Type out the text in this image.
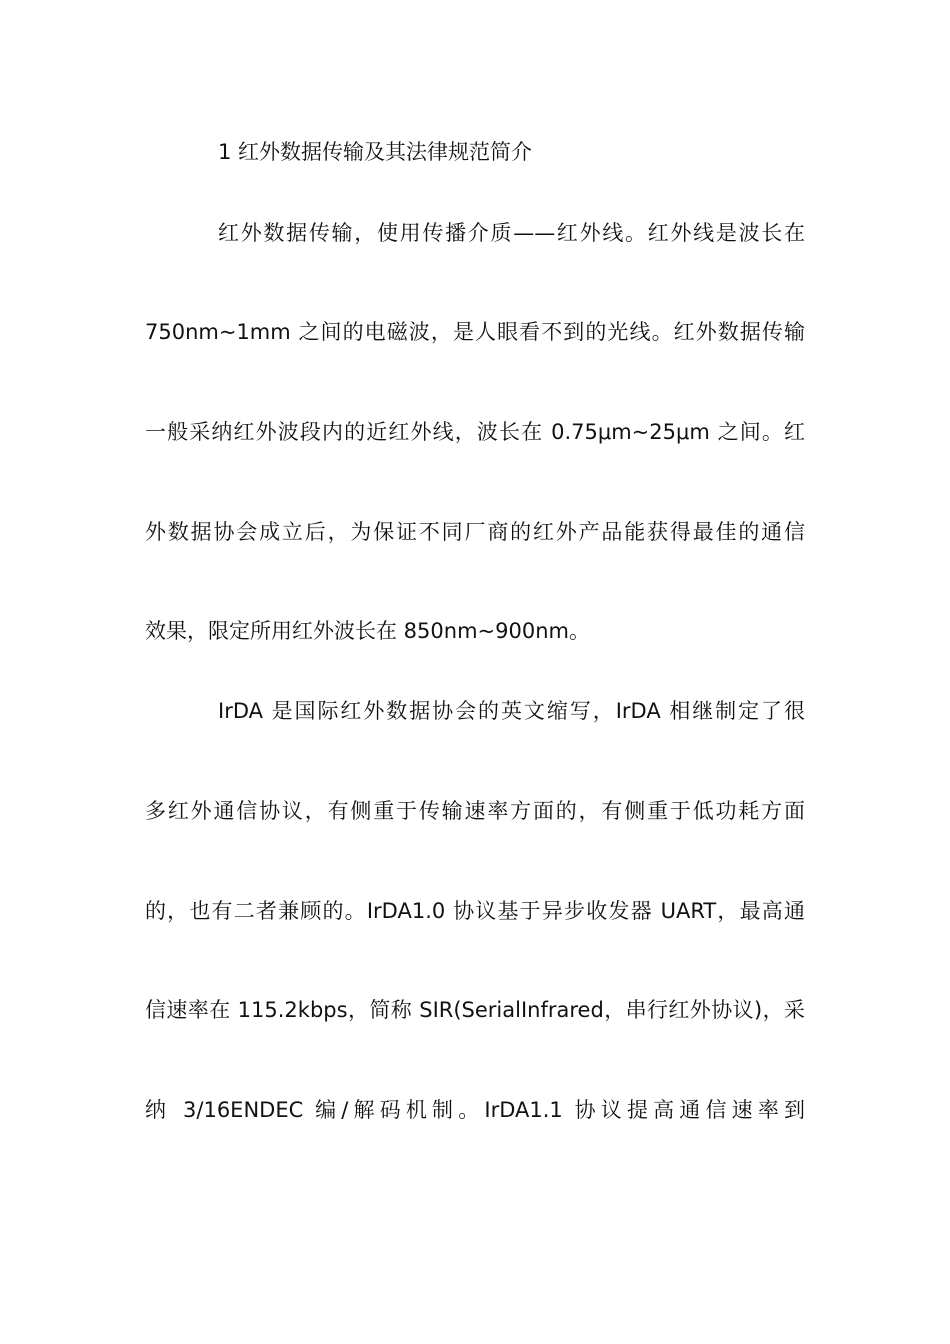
1 红外数据传输及其法律规范简介
红外数据传输，使用传播介质——红外线。红外线是波长在
750nm~1mm 之间的电磁波，是人眼看不到的光线。红外数据传输
一般采纳红外波段内的近红外线，波长在 0.75μm~25μm 之间。红
外数据协会成立后，为保证不同厂商的红外产品能获得最佳的通信
效果，限定所用红外波长在 850nm~900nm。
IrDA 是国际红外数据协会的英文缩写，IrDA 相继制定了很
多红外通信协议，有侧重于传输速率方面的，有侧重于低功耗方面
的，也有二者兼顾的。IrDA1.0 协议基于异步收发器 UART，最高通
信速率在 115.2kbps，简称 SIR(SerialInfrared，串行红外协议)，采
纳 3/16ENDEC 编/解码机制。IrDA1.1 协议提高通信速率到
